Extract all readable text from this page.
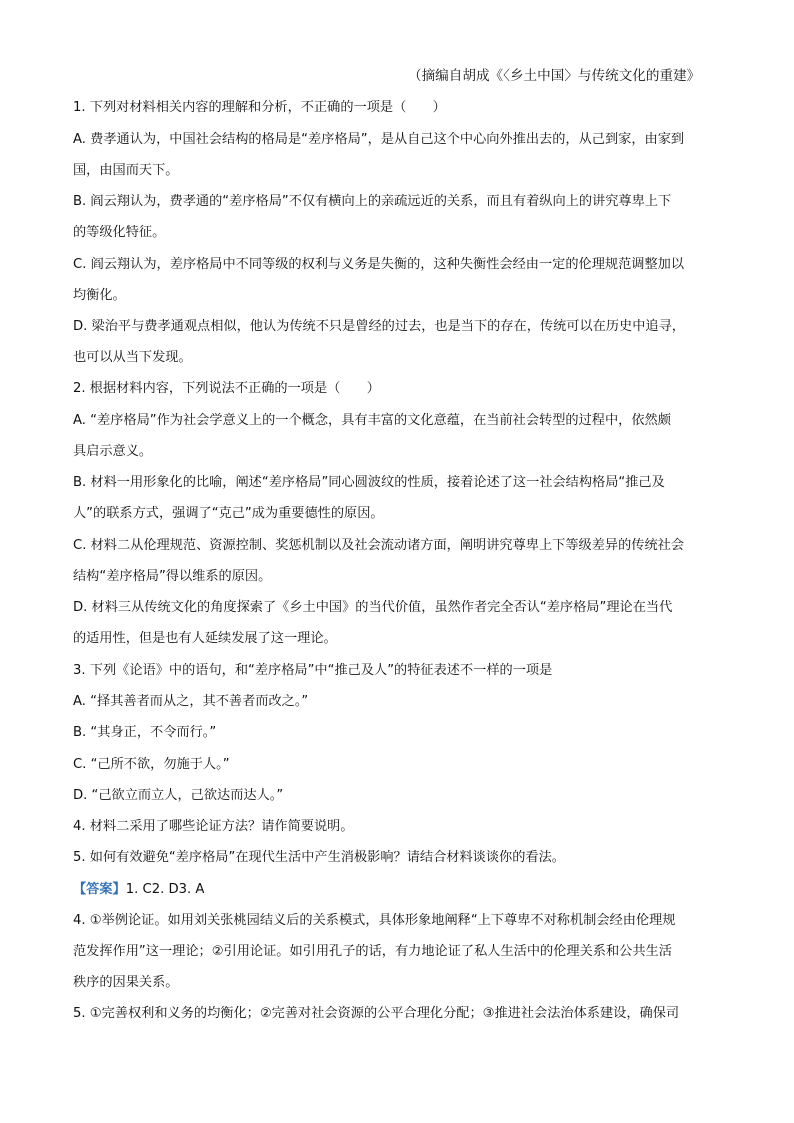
（摘编自胡成《〈乡土中国〉与传统文化的重建》
1. 下列对材料相关内容的理解和分析，不正确的一项是（　　）
A. 费孝通认为，中国社会结构的格局是“差序格局”，是从自己这个中心向外推出去的，从己到家，由家到
国，由国而天下。
B. 阎云翔认为，费孝通的“差序格局”不仅有横向上的亲疏远近的关系，而且有着纵向上的讲究尊卑上下
的等级化特征。
C. 阎云翔认为，差序格局中不同等级的权利与义务是失衡的，这种失衡性会经由一定的伦理规范调整加以
均衡化。
D. 梁治平与费孝通观点相似，他认为传统不只是曾经的过去，也是当下的存在，传统可以在历史中追寻，
也可以从当下发现。
2. 根据材料内容，下列说法不正确的一项是（　　）
A. “差序格局”作为社会学意义上的一个概念，具有丰富的文化意蕴，在当前社会转型的过程中，依然颇
具启示意义。
B. 材料一用形象化的比喻，阐述“差序格局”同心圆波纹的性质，接着论述了这一社会结构格局“推己及
人”的联系方式，强调了“克己”成为重要德性的原因。
C. 材料二从伦理规范、资源控制、奖惩机制以及社会流动诸方面，阐明讲究尊卑上下等级差异的传统社会
结构“差序格局”得以维系的原因。
D. 材料三从传统文化的角度探索了《乡土中国》的当代价值，虽然作者完全否认“差序格局”理论在当代
的适用性，但是也有人延续发展了这一理论。
3. 下列《论语》中的语句，和“差序格局”中“推己及人”的特征表述不一样的一项是
A. “择其善者而从之，其不善者而改之。”
B. “其身正，不令而行。”
C. “己所不欲，勿施于人。”
D. “己欲立而立人，己欲达而达人。”
4. 材料二采用了哪些论证方法？请作简要说明。
5. 如何有效避免“差序格局”在现代生活中产生消极影响？请结合材料谈谈你的看法。
【答案】1. C2. D3. A
4. ①举例论证。如用刘关张桃园结义后的关系模式，具体形象地阐释“上下尊卑不对称机制会经由伦理规
范发挥作用”这一理论；②引用论证。如引用孔子的话，有力地论证了私人生活中的伦理关系和公共生活
秩序的因果关系。
5. ①完善权利和义务的均衡化；②完善对社会资源的公平合理化分配；③推进社会法治体系建设，确保司
